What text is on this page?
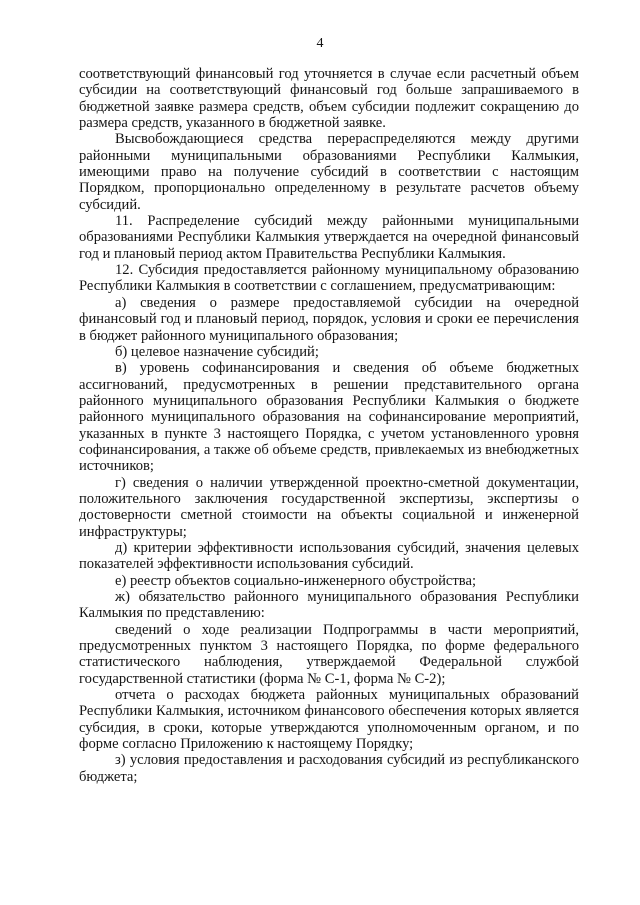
4

соответствующий финансовый год уточняется в случае если расчетный объем субсидии на соответствующий финансовый год больше запрашиваемого в бюджетной заявке размера средств, объем субсидии подлежит сокращению до размера средств, указанного в бюджетной заявке.

Высвобождающиеся средства перераспределяются между другими районными муниципальными образованиями Республики Калмыкия, имеющими право на получение субсидий в соответствии с настоящим Порядком, пропорционально определенному в результате расчетов объему субсидий.

11. Распределение субсидий между районными муниципальными образованиями Республики Калмыкия утверждается на очередной финансовый год и плановый период актом Правительства Республики Калмыкия.

12. Субсидия предоставляется районному муниципальному образованию Республики Калмыкия в соответствии с соглашением, предусматривающим:

а) сведения о размере предоставляемой субсидии на очередной финансовый год и плановый период, порядок, условия и сроки ее перечисления в бюджет районного муниципального образования;

б) целевое назначение субсидий;

в) уровень софинансирования и сведения об объеме бюджетных ассигнований, предусмотренных в решении представительного органа районного муниципального образования Республики Калмыкия о бюджете районного муниципального образования на софинансирование мероприятий, указанных в пункте 3 настоящего Порядка, с учетом установленного уровня софинансирования, а также об объеме средств, привлекаемых из внебюджетных источников;

г) сведения о наличии утвержденной проектно-сметной документации, положительного заключения государственной экспертизы, экспертизы о достоверности сметной стоимости на объекты социальной и инженерной инфраструктуры;

д) критерии эффективности использования субсидий, значения целевых показателей эффективности использования субсидий.

е) реестр объектов социально-инженерного обустройства;

ж) обязательство районного муниципального образования Республики Калмыкия по представлению:

сведений о ходе реализации Подпрограммы в части мероприятий, предусмотренных пунктом 3 настоящего Порядка, по форме федерального статистического наблюдения, утверждаемой Федеральной службой государственной статистики (форма № С-1, форма № С-2);

отчета о расходах бюджета районных муниципальных образований Республики Калмыкия, источником финансового обеспечения которых является субсидия, в сроки, которые утверждаются уполномоченным органом, и по форме согласно Приложению к настоящему Порядку;

з) условия предоставления и расходования субсидий из республиканского бюджета;
